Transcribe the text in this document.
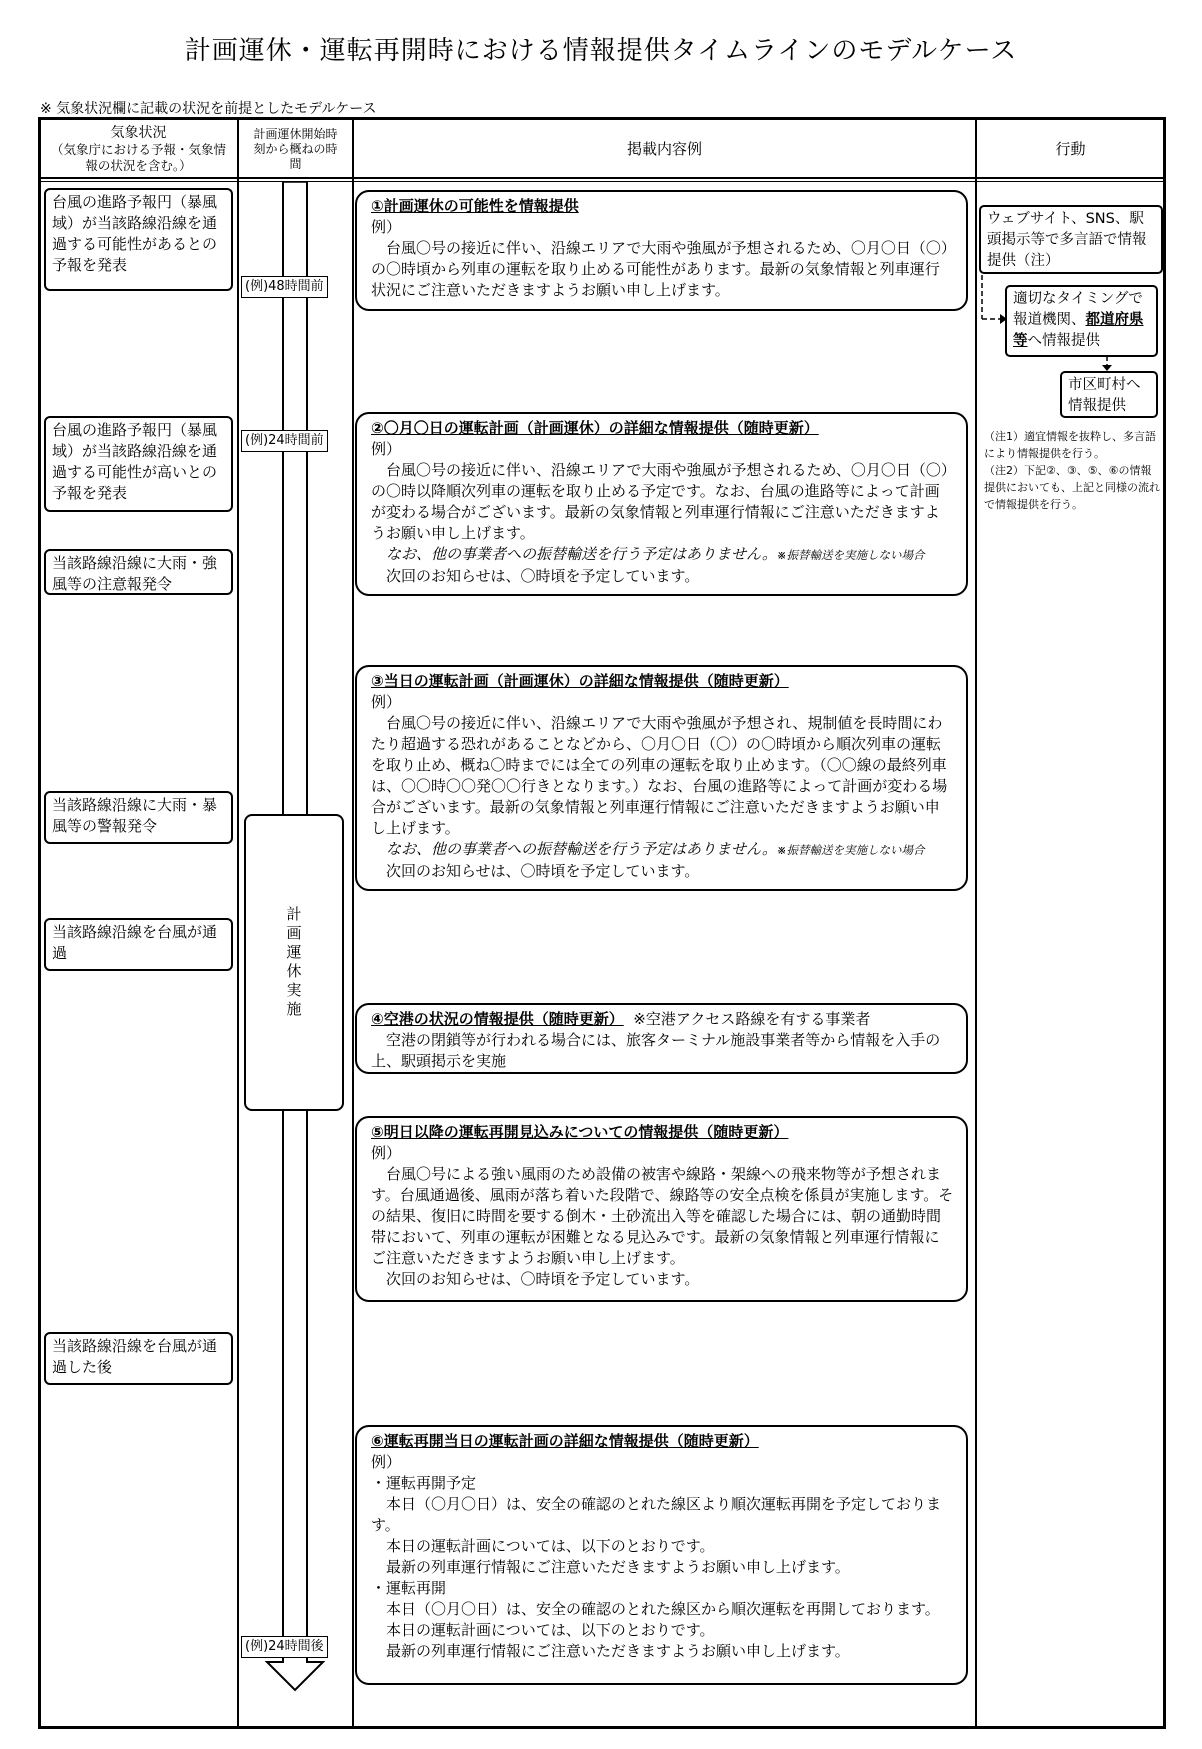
計画運休・運転再開時における情報提供タイムラインのモデルケース
※ 気象状況欄に記載の状況を前提としたモデルケース
気象状況
（気象庁における予報・気象情
報の状況を含む。）
計画運休開始時
刻から概ねの時
間
掲載内容例	行動
台風の進路予報円（暴風域）が当該路線沿線を通過する可能性があるとの予報を発表
台風の進路予報円（暴風域）が当該路線沿線を通過する可能性が高いとの予報を発表
当該路線沿線に大雨・強風等の注意報発令
当該路線沿線に大雨・暴風等の警報発令
当該路線沿線を台風が通過
当該路線沿線を台風が通過した後
(例)48時間前
(例)24時間前
(例)24時間後
計画運休実施
①計画運休の可能性を情報提供
例）
台風〇号の接近に伴い、沿線エリアで大雨や強風が予想されるため、〇月〇日（〇）の〇時頃から列車の運転を取り止める可能性があります。最新の気象情報と列車運行状況にご注意いただきますようお願い申し上げます。
②〇月〇日の運転計画（計画運休）の詳細な情報提供（随時更新）
例）
台風〇号の接近に伴い、沿線エリアで大雨や強風が予想されるため、〇月〇日（〇）の〇時以降順次列車の運転を取り止める予定です。なお、台風の進路等によって計画が変わる場合がございます。最新の気象情報と列車運行情報にご注意いただきますようお願い申し上げます。
なお、他の事業者への振替輸送を行う予定はありません。※振替輸送を実施しない場合
次回のお知らせは、〇時頃を予定しています。
③当日の運転計画（計画運休）の詳細な情報提供（随時更新）
例）
台風〇号の接近に伴い、沿線エリアで大雨や強風が予想され、規制値を長時間にわたり超過する恐れがあることなどから、〇月〇日（〇）の〇時頃から順次列車の運転を取り止め、概ね〇時までには全ての列車の運転を取り止めます。（〇〇線の最終列車は、〇〇時〇〇発〇〇行きとなります。）なお、台風の進路等によって計画が変わる場合がございます。最新の気象情報と列車運行情報にご注意いただきますようお願い申し上げます。
なお、他の事業者への振替輸送を行う予定はありません。※振替輸送を実施しない場合
次回のお知らせは、〇時頃を予定しています。
④空港の状況の情報提供（随時更新） ※空港アクセス路線を有する事業者
空港の閉鎖等が行われる場合には、旅客ターミナル施設事業者等から情報を入手の上、駅頭掲示を実施
⑤明日以降の運転再開見込みについての情報提供（随時更新）
例）
台風〇号による強い風雨のため設備の被害や線路・架線への飛来物等が予想されます。台風通過後、風雨が落ち着いた段階で、線路等の安全点検を係員が実施します。その結果、復旧に時間を要する倒木・土砂流出入等を確認した場合には、朝の通勤時間帯において、列車の運転が困難となる見込みです。最新の気象情報と列車運行情報にご注意いただきますようお願い申し上げます。
次回のお知らせは、〇時頃を予定しています。
⑥運転再開当日の運転計画の詳細な情報提供（随時更新）
例）
・運転再開予定
本日（〇月〇日）は、安全の確認のとれた線区より順次運転再開を予定しております。
本日の運転計画については、以下のとおりです。
最新の列車運行情報にご注意いただきますようお願い申し上げます。
・運転再開
本日（〇月〇日）は、安全の確認のとれた線区から順次運転を再開しております。
本日の運転計画については、以下のとおりです。
最新の列車運行情報にご注意いただきますようお願い申し上げます。
ウェブサイト、SNS、駅頭掲示等で多言語で情報提供（注）
適切なタイミングで報道機関、都道府県等へ情報提供
市区町村へ情報提供
（注1）適宜情報を抜粋し、多言語により情報提供を行う。
（注2）下記②、③、⑤、⑥の情報提供においても、上記と同様の流れで情報提供を行う。
